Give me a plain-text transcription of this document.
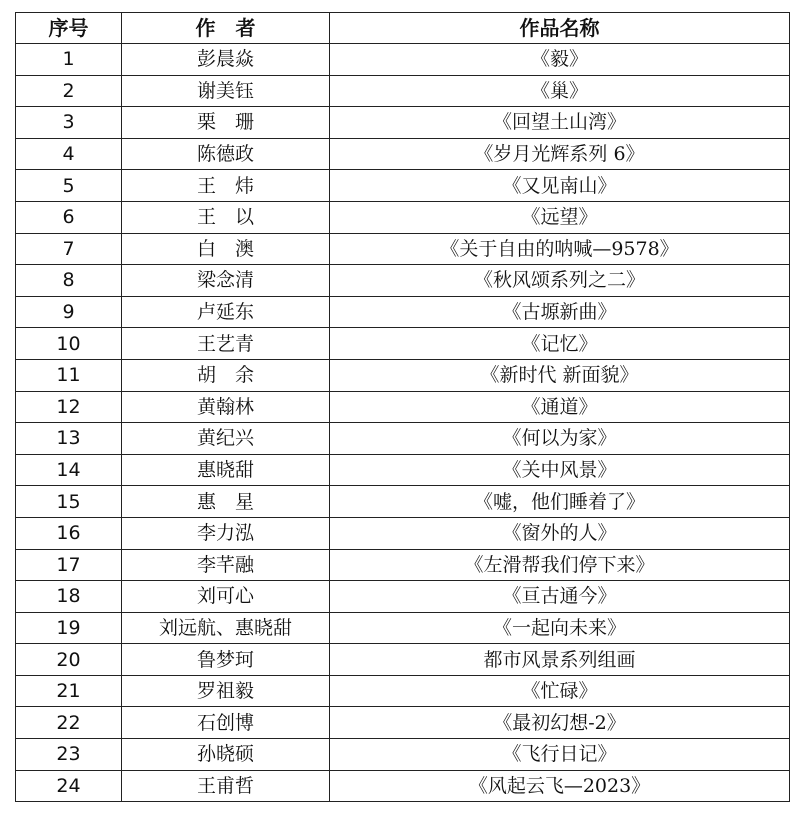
序号	作　者	作品名称
1	彭晨焱	《毅》
2	谢美钰	《巢》
3	栗　珊	《回望土山湾》
4	陈德政	《岁月光辉系列 6》
5	王　炜	《又见南山》
6	王　以	《远望》
7	白　澳	《关于自由的呐喊—9578》
8	梁念清	《秋风颂系列之二》
9	卢延东	《古塬新曲》
10	王艺青	《记忆》
11	胡　余	《新时代 新面貌》
12	黄翰林	《通道》
13	黄纪兴	《何以为家》
14	惠晓甜	《关中风景》
15	惠　星	《嘘，他们睡着了》
16	李力泓	《窗外的人》
17	李芊融	《左滑帮我们停下来》
18	刘可心	《亘古通今》
19	刘远航、惠晓甜	《一起向未来》
20	鲁梦珂	都市风景系列组画
21	罗祖毅	《忙碌》
22	石创博	《最初幻想-2》
23	孙晓硕	《飞行日记》
24	王甫哲	《风起云飞—2023》
